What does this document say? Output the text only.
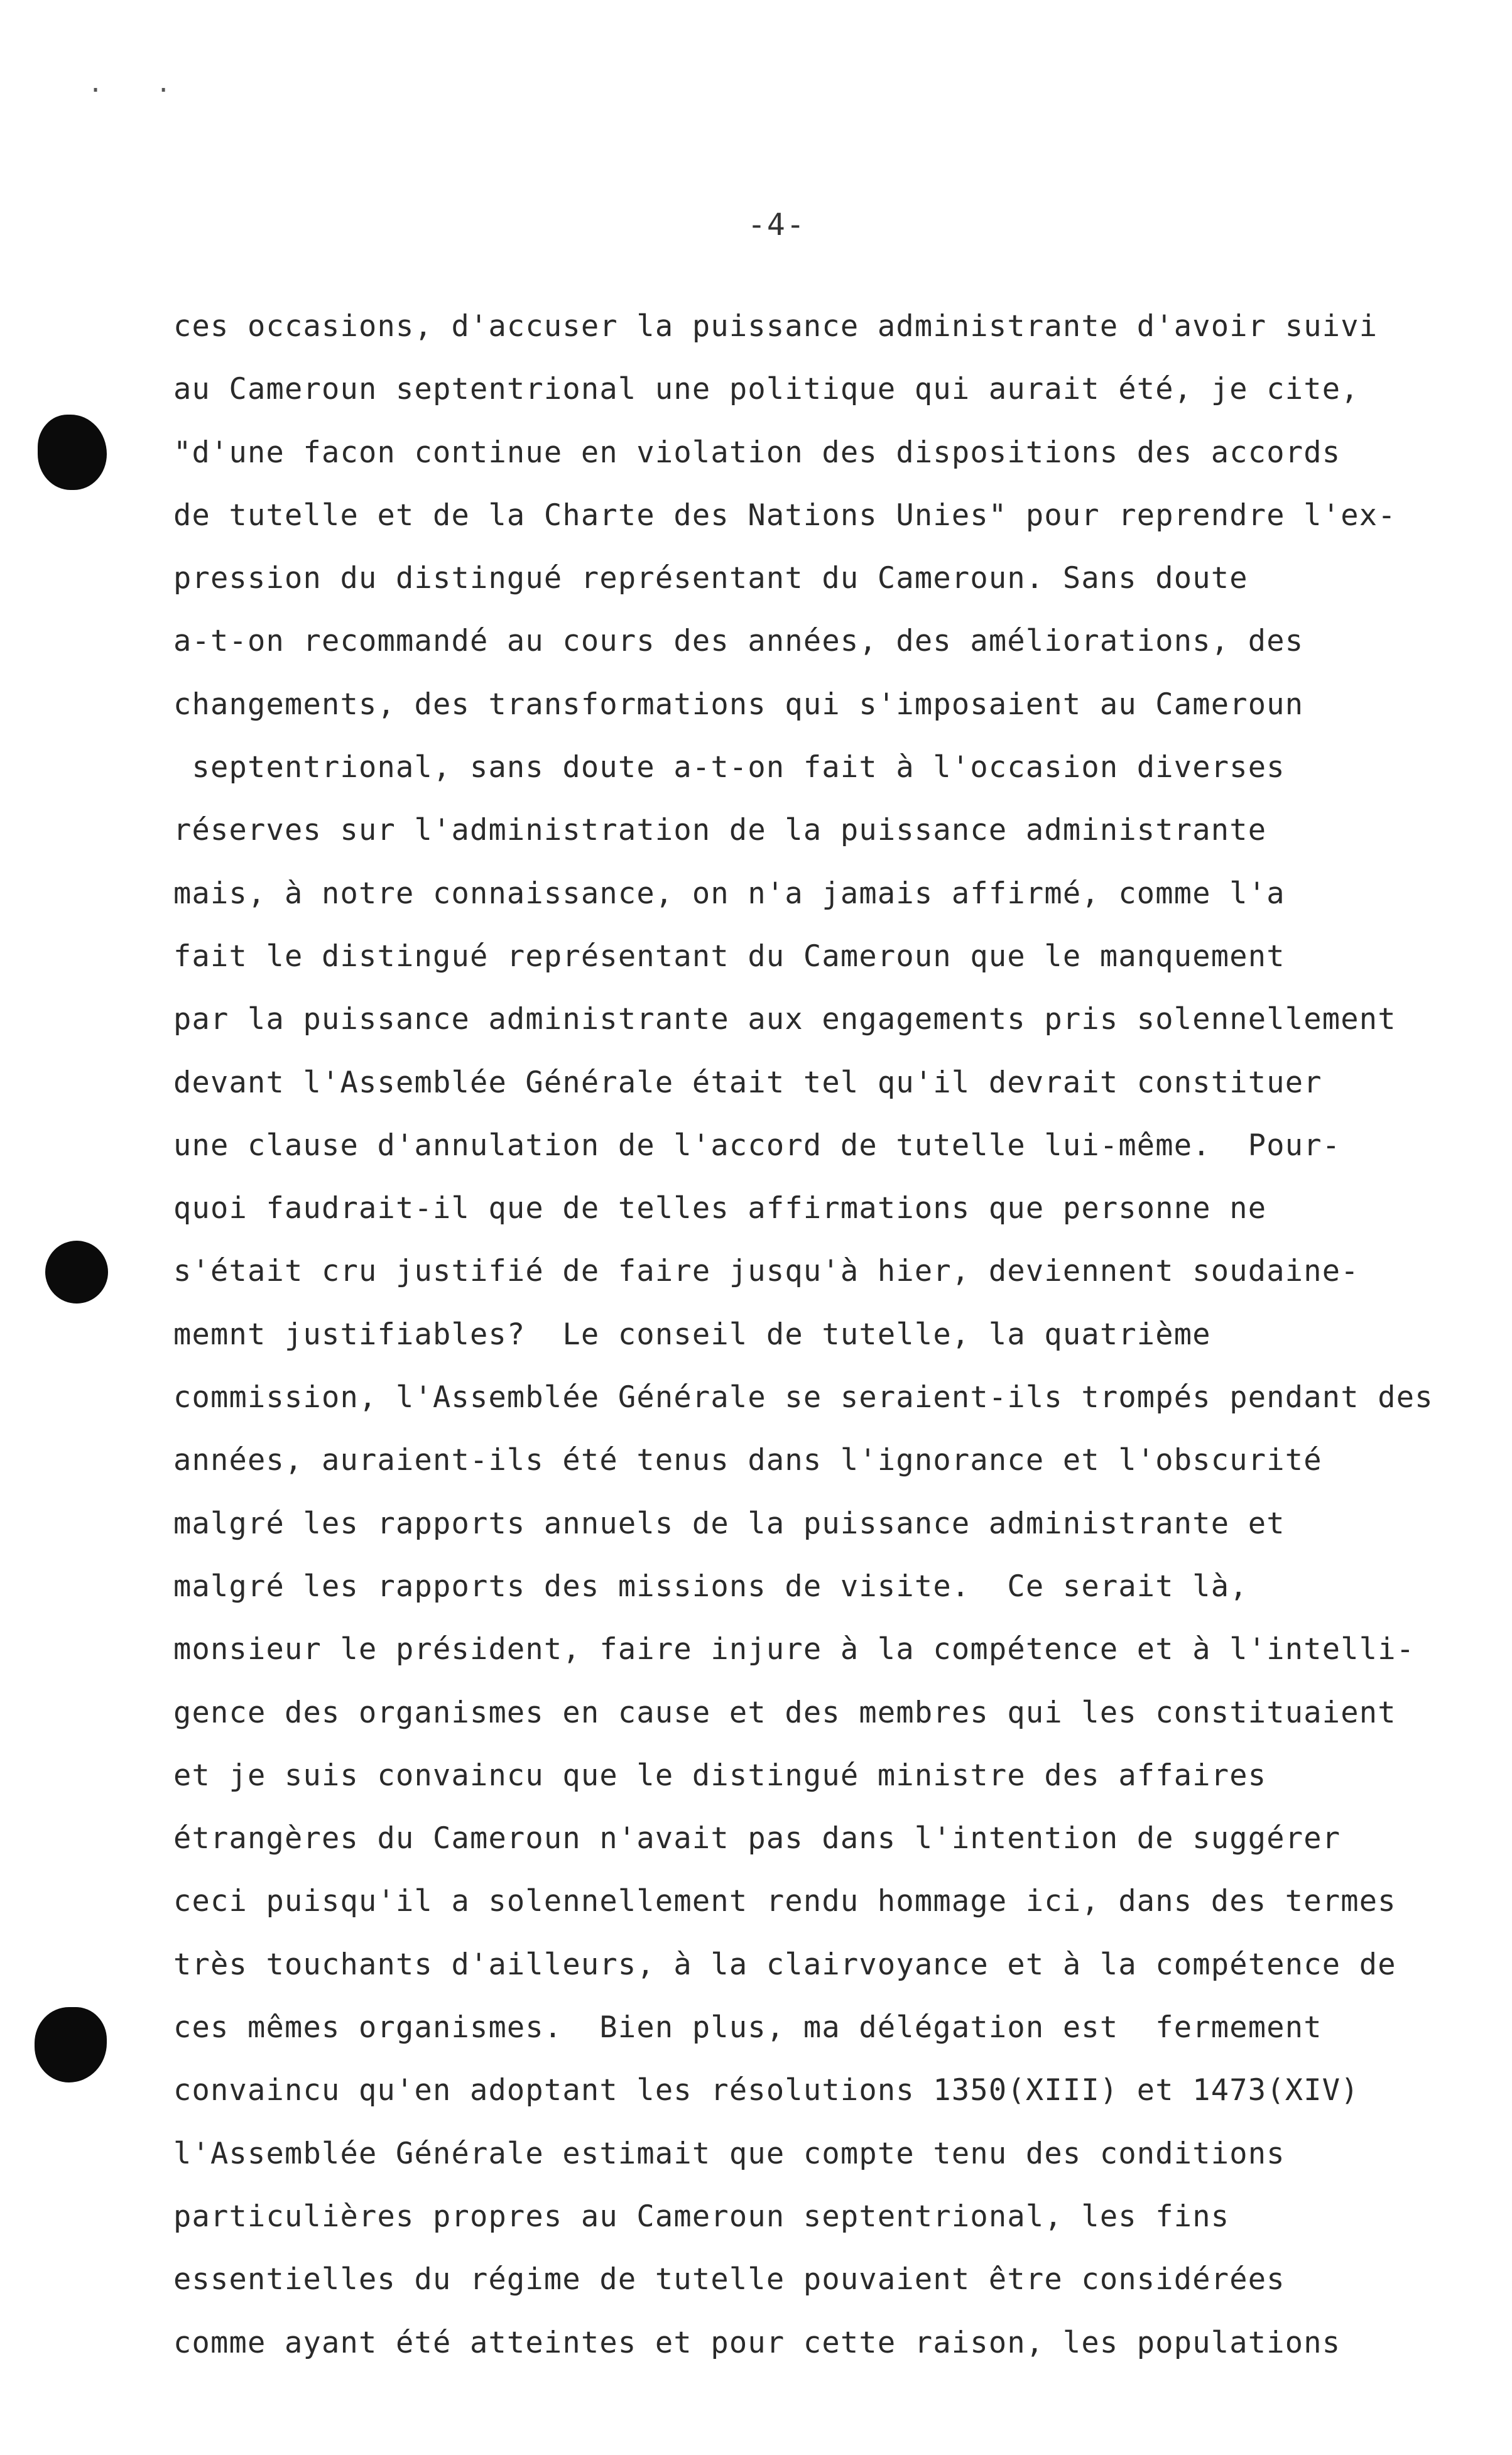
. .
-4-
ces occasions, d'accuser la puissance administrante d'avoir suivi
au Cameroun septentrional une politique qui aurait été, je cite,
"d'une facon continue en violation des dispositions des accords
de tutelle et de la Charte des Nations Unies" pour reprendre l'ex-
pression du distingué représentant du Cameroun. Sans doute
a-t-on recommandé au cours des années, des améliorations, des
changements, des transformations qui s'imposaient au Cameroun
septentrional, sans doute a-t-on fait à l'occasion diverses
réserves sur l'administration de la puissance administrante
mais, à notre connaissance, on n'a jamais affirmé, comme l'a
fait le distingué représentant du Cameroun que le manquement
par la puissance administrante aux engagements pris solennellement
devant l'Assemblée Générale était tel qu'il devrait constituer
une clause d'annulation de l'accord de tutelle lui-même.  Pour-
quoi faudrait-il que de telles affirmations que personne ne
s'était cru justifié de faire jusqu'à hier, deviennent soudaine-
memnt justifiables?  Le conseil de tutelle, la quatrième
commission, l'Assemblée Générale se seraient-ils trompés pendant des
années, auraient-ils été tenus dans l'ignorance et l'obscurité
malgré les rapports annuels de la puissance administrante et
malgré les rapports des missions de visite.  Ce serait là,
monsieur le président, faire injure à la compétence et à l'intelli-
gence des organismes en cause et des membres qui les constituaient
et je suis convaincu que le distingué ministre des affaires
étrangères du Cameroun n'avait pas dans l'intention de suggérer
ceci puisqu'il a solennellement rendu hommage ici, dans des termes
très touchants d'ailleurs, à la clairvoyance et à la compétence de
ces mêmes organismes.  Bien plus, ma délégation est  fermement
convaincu qu'en adoptant les résolutions 1350(XIII) et 1473(XIV)
l'Assemblée Générale estimait que compte tenu des conditions
particulières propres au Cameroun septentrional, les fins
essentielles du régime de tutelle pouvaient être considérées
comme ayant été atteintes et pour cette raison, les populations
